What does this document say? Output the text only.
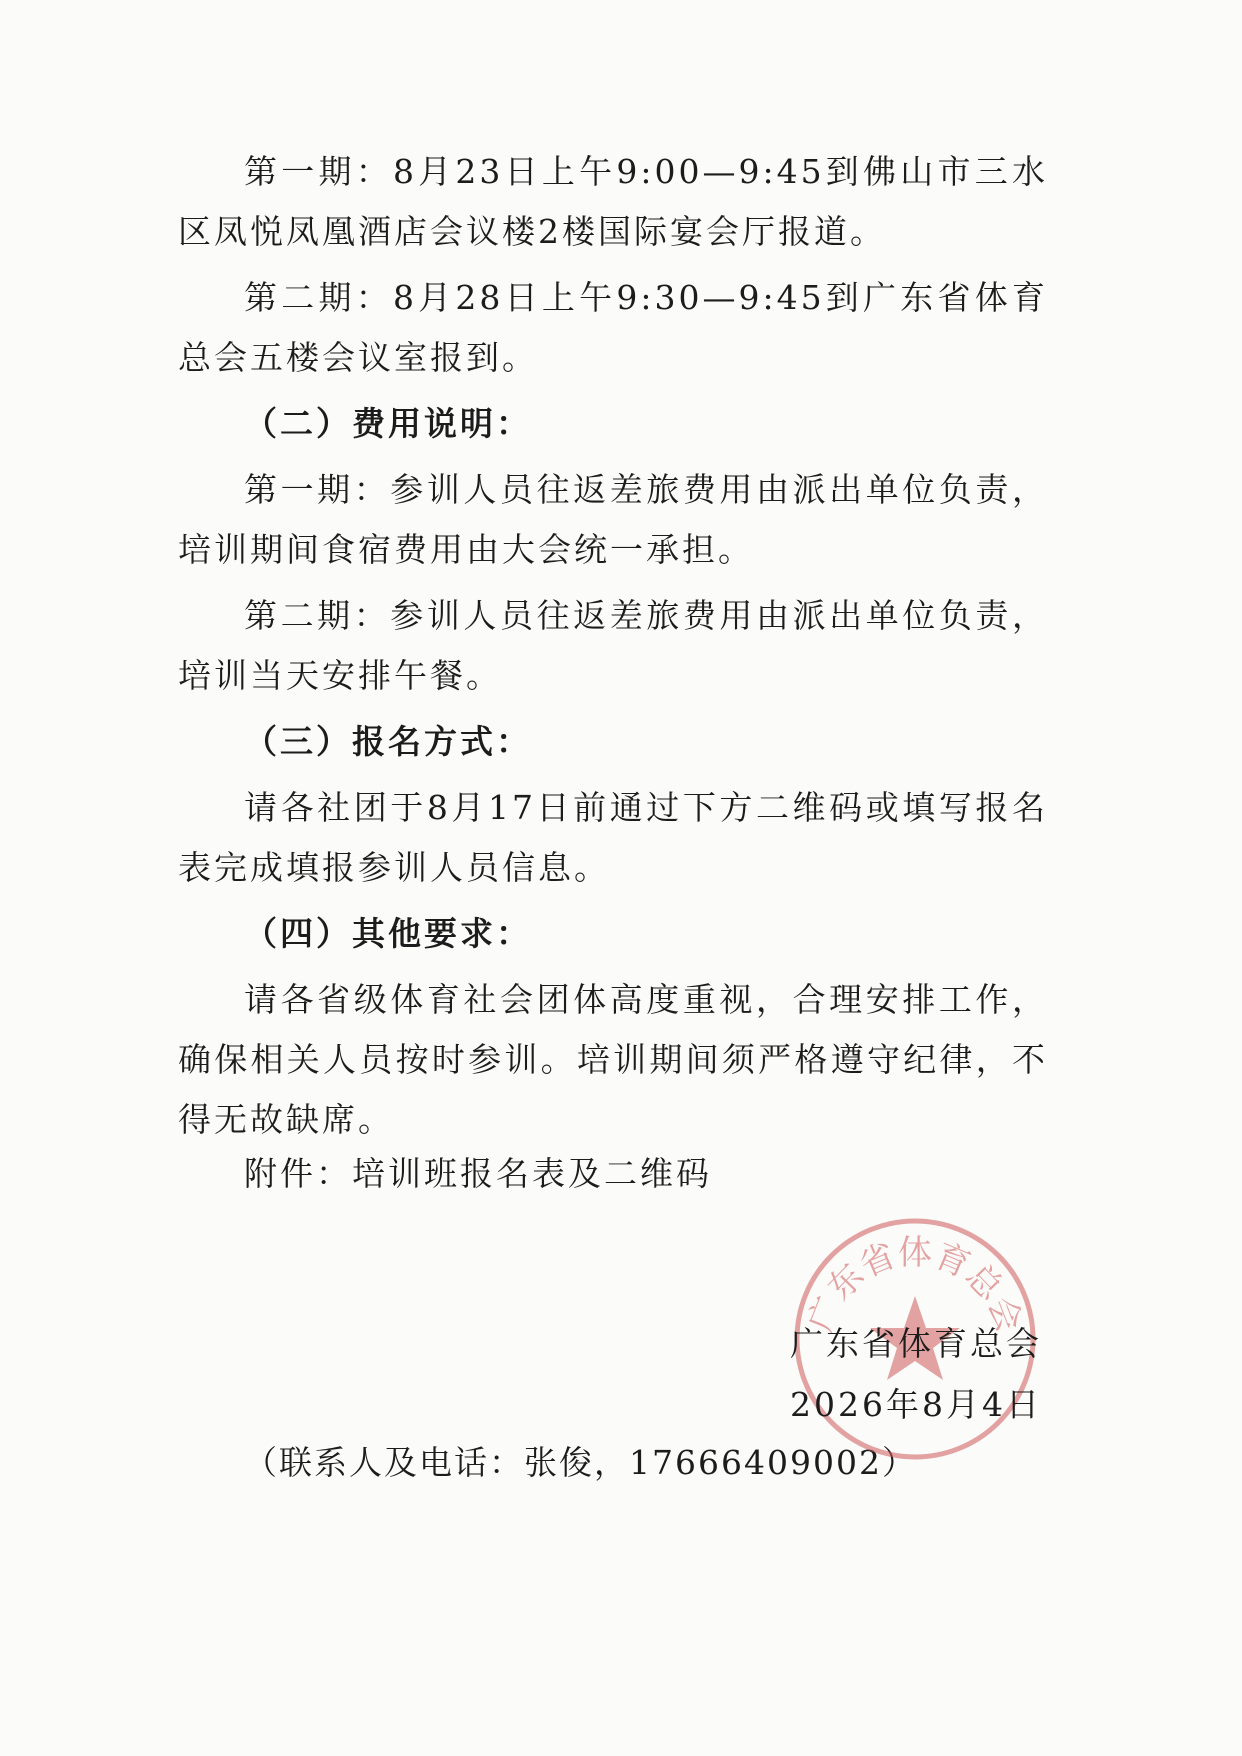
第一期：8月23日上午9:00—9:45到佛山市三水区凤悦凤凰酒店会议楼2楼国际宴会厅报道。

第二期：8月28日上午9:30—9:45到广东省体育总会五楼会议室报到。

（二）费用说明：

第一期：参训人员往返差旅费用由派出单位负责，培训期间食宿费用由大会统一承担。

第二期：参训人员往返差旅费用由派出单位负责，培训当天安排午餐。

（三）报名方式：

请各社团于8月17日前通过下方二维码或填写报名表完成填报参训人员信息。

（四）其他要求：

请各省级体育社会团体高度重视，合理安排工作，确保相关人员按时参训。培训期间须严格遵守纪律，不得无故缺席。

附件：培训班报名表及二维码
广东省体育总会
广东省体育总会
2026年8月4日
（联系人及电话：张俊，17666409002）
